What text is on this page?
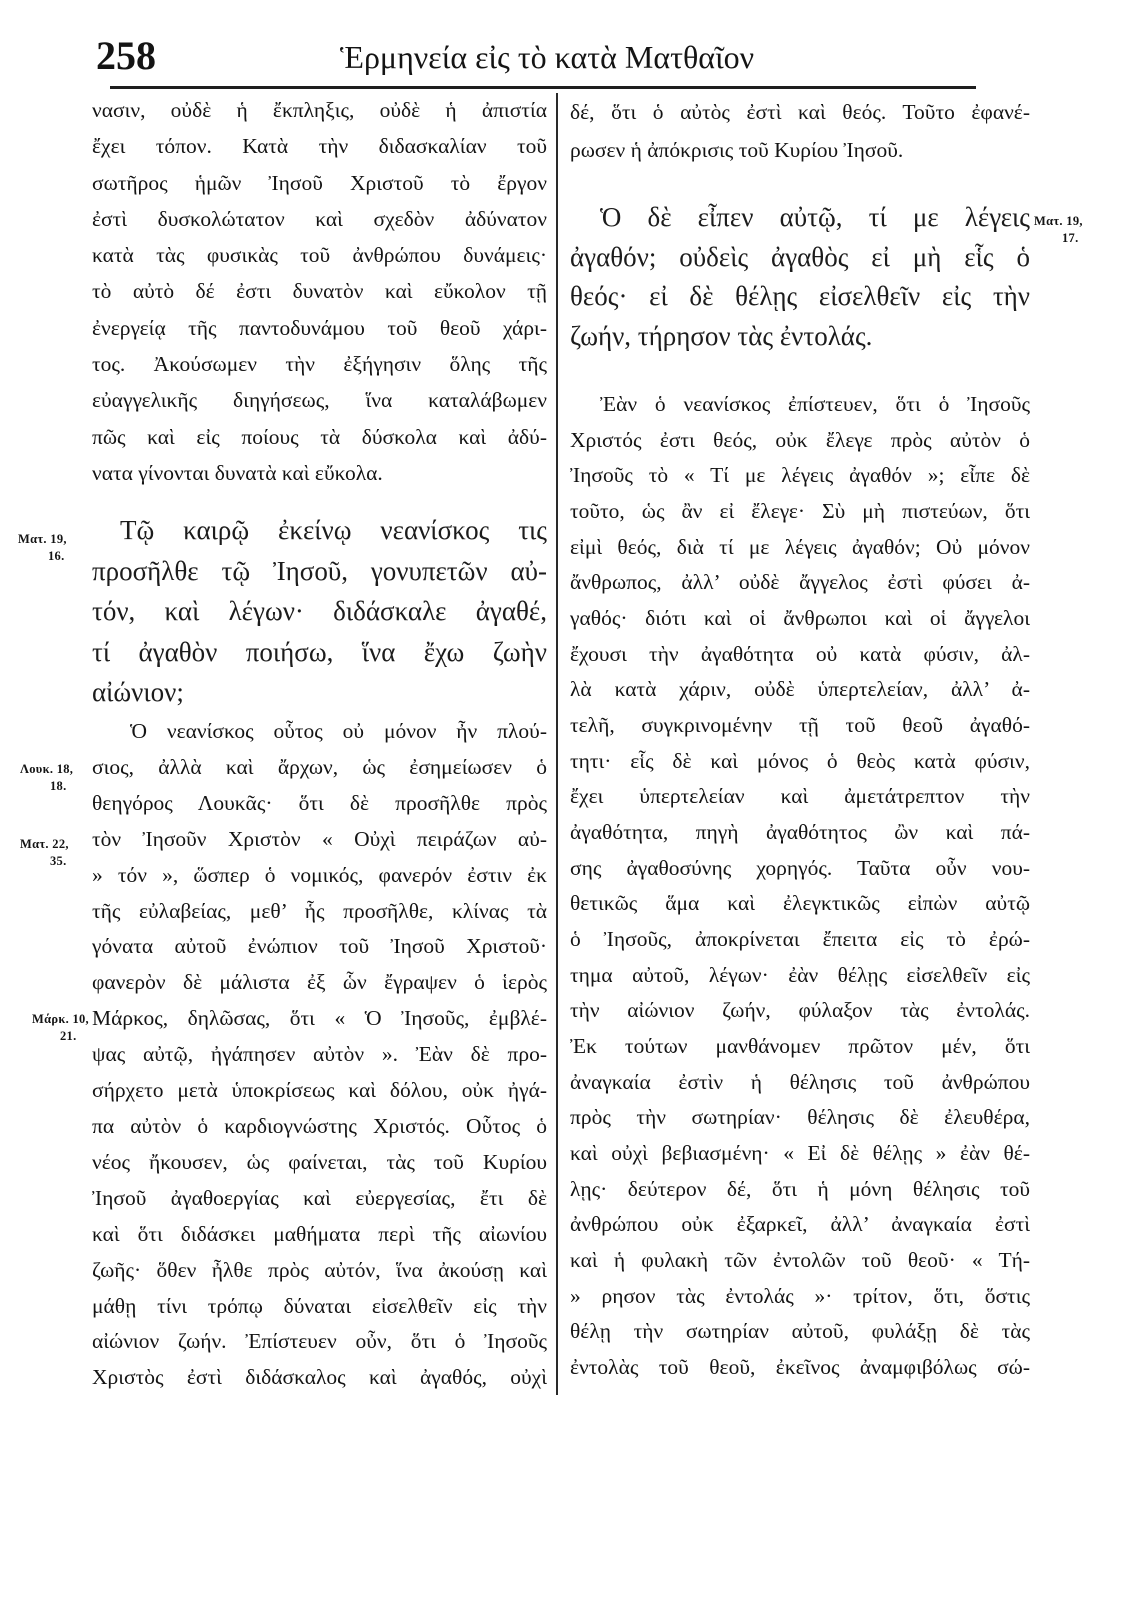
258	Ἑρμηνεία εἰς τὸ κατὰ Ματθαῖον
νασιν, οὐδὲ ἡ ἔκπληξις, οὐδὲ ἡ ἀπιστία
ἔχει τόπον. Κατὰ τὴν διδασκαλίαν τοῦ
σωτῆρος ἡμῶν Ἰησοῦ Χριστοῦ τὸ ἔργον
ἐστὶ δυσκολώτατον καὶ σχεδὸν ἀδύνατον
κατὰ τὰς φυσικὰς τοῦ ἀνθρώπου δυνάμεις·
τὸ αὐτὸ δέ ἐστι δυνατὸν καὶ εὔκολον τῇ
ἐνεργείᾳ τῆς παντοδυνάμου τοῦ θεοῦ χάρι-
τος. Ἀκούσωμεν τὴν ἐξήγησιν ὅλης τῆς
εὐαγγελικῆς διηγήσεως, ἵνα καταλάβωμεν
πῶς καὶ εἰς ποίους τὰ δύσκολα καὶ ἀδύ-
νατα γίνονται δυνατὰ καὶ εὔκολα.
Τῷ καιρῷ ἐκείνῳ νεανίσκος τις
προσῆλθε τῷ Ἰησοῦ, γονυπετῶν αὐ-
τόν, καὶ λέγων· διδάσκαλε ἀγαθέ,
τί ἀγαθὸν ποιήσω, ἵνα ἔχω ζωὴν
αἰώνιον;
Ὁ νεανίσκος οὗτος οὐ μόνον ἦν πλού-
σιος, ἀλλὰ καὶ ἄρχων, ὡς ἐσημείωσεν ὁ
θεηγόρος Λουκᾶς· ὅτι δὲ προσῆλθε πρὸς
τὸν Ἰησοῦν Χριστὸν « Οὐχὶ πειράζων αὐ-
» τόν », ὥσπερ ὁ νομικός, φανερόν ἐστιν ἐκ
τῆς εὐλαβείας, μεθ’ ἧς προσῆλθε, κλίνας τὰ
γόνατα αὐτοῦ ἐνώπιον τοῦ Ἰησοῦ Χριστοῦ·
φανερὸν δὲ μάλιστα ἐξ ὧν ἔγραψεν ὁ ἱερὸς
Μάρκος, δηλῶσας, ὅτι « Ὁ Ἰησοῦς, ἐμβλέ-
ψας αὐτῷ, ἠγάπησεν αὐτὸν ». Ἐὰν δὲ προ-
σήρχετο μετὰ ὑποκρίσεως καὶ δόλου, οὐκ ἠγά-
πα αὐτὸν ὁ καρδιογνώστης Χριστός. Οὗτος ὁ
νέος ἤκουσεν, ὡς φαίνεται, τὰς τοῦ Κυρίου
Ἰησοῦ ἀγαθοεργίας καὶ εὐεργεσίας, ἔτι δὲ
καὶ ὅτι διδάσκει μαθήματα περὶ τῆς αἰωνίου
ζωῆς· ὅθεν ἦλθε πρὸς αὐτόν, ἵνα ἀκούσῃ καὶ
μάθῃ τίνι τρόπῳ δύναται εἰσελθεῖν εἰς τὴν
αἰώνιον ζωήν. Ἐπίστευεν οὖν, ὅτι ὁ Ἰησοῦς
Χριστὸς ἐστὶ διδάσκαλος καὶ ἀγαθός, οὐχὶ
δέ, ὅτι ὁ αὐτὸς ἐστὶ καὶ θεός. Τοῦτο ἐφανέ-
ρωσεν ἡ ἀπόκρισις τοῦ Κυρίου Ἰησοῦ.
Ὁ δὲ εἶπεν αὐτῷ, τί με λέγεις
ἀγαθόν; οὐδεὶς ἀγαθὸς εἰ μὴ εἷς ὁ
θεός· εἰ δὲ θέλῃς εἰσελθεῖν εἰς τὴν
ζωήν, τήρησον τὰς ἐντολάς.
Ἐὰν ὁ νεανίσκος ἐπίστευεν, ὅτι ὁ Ἰησοῦς
Χριστός ἐστι θεός, οὐκ ἔλεγε πρὸς αὐτὸν ὁ
Ἰησοῦς τὸ « Τί με λέγεις ἀγαθόν »; εἶπε δὲ
τοῦτο, ὡς ἂν εἰ ἔλεγε· Σὺ μὴ πιστεύων, ὅτι
εἰμὶ θεός, διὰ τί με λέγεις ἀγαθόν; Οὐ μόνον
ἄνθρωπος, ἀλλ’ οὐδὲ ἄγγελος ἐστὶ φύσει ἀ-
γαθός· διότι καὶ οἱ ἄνθρωποι καὶ οἱ ἄγγελοι
ἔχουσι τὴν ἀγαθότητα οὐ κατὰ φύσιν, ἀλ-
λὰ κατὰ χάριν, οὐδὲ ὑπερτελείαν, ἀλλ’ ἀ-
τελῆ, συγκρινομένην τῇ τοῦ θεοῦ ἀγαθό-
τητι· εἷς δὲ καὶ μόνος ὁ θεὸς κατὰ φύσιν,
ἔχει ὑπερτελείαν καὶ ἀμετάτρεπτον τὴν
ἀγαθότητα, πηγὴ ἀγαθότητος ὢν καὶ πά-
σης ἀγαθοσύνης χορηγός. Ταῦτα οὖν νου-
θετικῶς ἅμα καὶ ἐλεγκτικῶς εἰπὼν αὐτῷ
ὁ Ἰησοῦς, ἀποκρίνεται ἔπειτα εἰς τὸ ἐρώ-
τημα αὐτοῦ, λέγων· ἐὰν θέλῃς εἰσελθεῖν εἰς
τὴν αἰώνιον ζωήν, φύλαξον τὰς ἐντολάς.
Ἐκ τούτων μανθάνομεν πρῶτον μέν, ὅτι
ἀναγκαία ἐστὶν ἡ θέλησις τοῦ ἀνθρώπου
πρὸς τὴν σωτηρίαν· θέλησις δὲ ἐλευθέρα,
καὶ οὐχὶ βεβιασμένη· « Εἰ δὲ θέλῃς » ἐὰν θέ-
λῃς· δεύτερον δέ, ὅτι ἡ μόνη θέλησις τοῦ
ἀνθρώπου οὐκ ἐξαρκεῖ, ἀλλ’ ἀναγκαία ἐστὶ
καὶ ἡ φυλακὴ τῶν ἐντολῶν τοῦ θεοῦ· « Τή-
» ρησον τὰς ἐντολάς »· τρίτον, ὅτι, ὅστις
θέλῃ τὴν σωτηρίαν αὐτοῦ, φυλάξῃ δὲ τὰς
ἐντολὰς τοῦ θεοῦ, ἐκεῖνος ἀναμφιβόλως σώ-
Ματ. 19,
16.
Λουκ. 18,
18.
Ματ. 22,
35.
Μάρκ. 10,
21.
Ματ. 19,
17.
